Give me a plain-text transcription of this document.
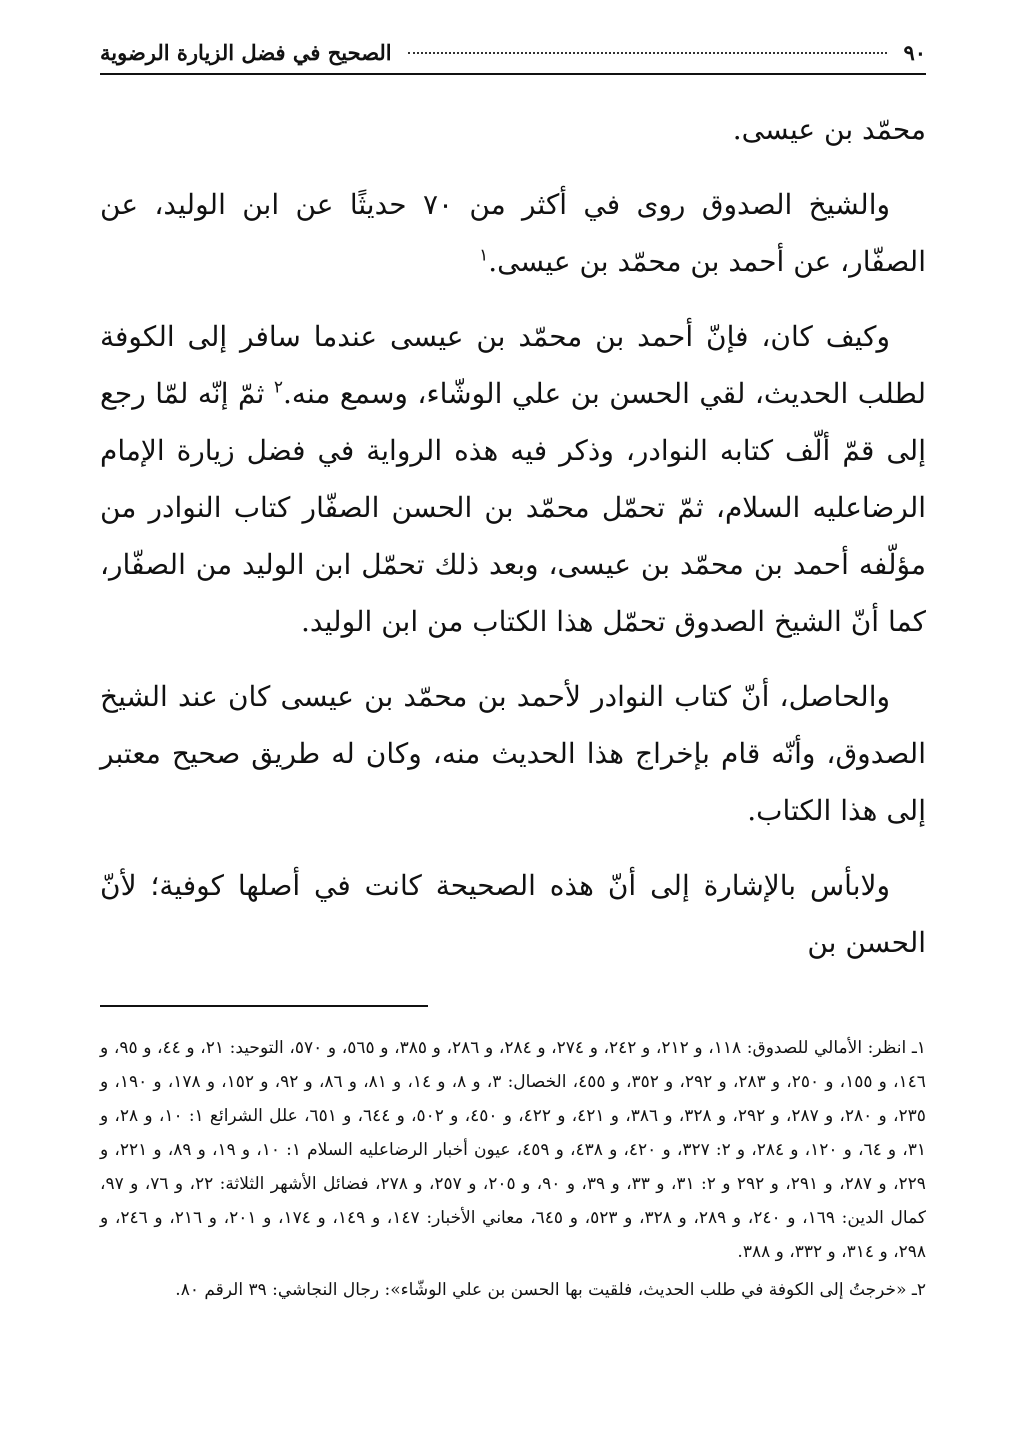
٩٠
الصحيح في فضل الزيارة الرضوية

محمّد بن عيسى.

والشيخ الصدوق روى في أكثر من ٧٠ حديثًا عن ابن الوليد، عن الصفّار، عن أحمد بن محمّد بن عيسى.$^١$

وكيف كان، فإنّ أحمد بن محمّد بن عيسى عندما سافر إلى الكوفة لطلب الحديث، لقي الحسن بن علي الوشّاء، وسمع منه.$^٢$ ثمّ إنّه لمّا رجع إلى قمّ ألّف كتابه النوادر، وذكر فيه هذه الرواية في فضل زيارة الإمام الرضاعليه السلام، ثمّ تحمّل محمّد بن الحسن الصفّار كتاب النوادر من مؤلّفه أحمد بن محمّد بن عيسى، وبعد ذلك تحمّل ابن الوليد من الصفّار، كما أنّ الشيخ الصدوق تحمّل هذا الكتاب من ابن الوليد.

والحاصل، أنّ كتاب النوادر لأحمد بن محمّد بن عيسى كان عند الشيخ الصدوق، وأنّه قام بإخراج هذا الحديث منه، وكان له طريق صحيح معتبر إلى هذا الكتاب.

ولابأس بالإشارة إلى أنّ هذه الصحيحة كانت في أصلها كوفية؛ لأنّ الحسن بن

١ـ انظر: الأمالي للصدوق: ١١٨، و ٢١٢، و ٢٤٢، و ٢٧٤، و ٢٨٤، و ٢٨٦، و ٣٨٥، و ٥٦٥، و ٥٧٠، التوحيد: ٢١، و ٤٤، و ٩٥، و ١٤٦، و ١٥٥، و ٢٥٠، و ٢٨٣، و ٢٩٢، و ٣٥٢، و ٤٥٥، الخصال: ٣، و ٨، و ١٤، و ٨١، و ٨٦، و ٩٢، و ١٥٢، و ١٧٨، و ١٩٠، و ٢٣٥، و ٢٨٠، و ٢٨٧، و ٢٩٢، و ٣٢٨، و ٣٨٦، و ٤٢١، و ٤٢٢، و ٤٥٠، و ٥٠٢، و ٦٤٤، و ٦٥١، علل الشرائع ١: ١٠، و ٢٨، و ٣١، و ٦٤، و ١٢٠، و ٢٨٤، و ٢: ٣٢٧، و ٤٢٠، و ٤٣٨، و ٤٥٩، عيون أخبار الرضاعليه السلام ١: ١٠، و ١٩، و ٨٩، و ٢٢١، و ٢٢٩، و ٢٨٧، و ٢٩١، و ٢٩٢ و ٢: ٣١، و ٣٣، و ٣٩، و ٩٠، و ٢٠٥، و ٢٥٧، و ٢٧٨، فضائل الأشهر الثلاثة: ٢٢، و ٧٦، و ٩٧، كمال الدين: ١٦٩، و ٢٤٠، و ٢٨٩، و ٣٢٨، و ٥٢٣، و ٦٤٥، معاني الأخبار: ١٤٧، و ١٤٩، و ١٧٤، و ٢٠١، و ٢١٦، و ٢٤٦، و ٢٩٨، و ٣١٤، و ٣٣٢، و ٣٨٨.

٢ـ «خرجتُ إلى الكوفة في طلب الحديث، فلقيت بها الحسن بن علي الوشّاء»: رجال النجاشي: ٣٩ الرقم ٨٠.
